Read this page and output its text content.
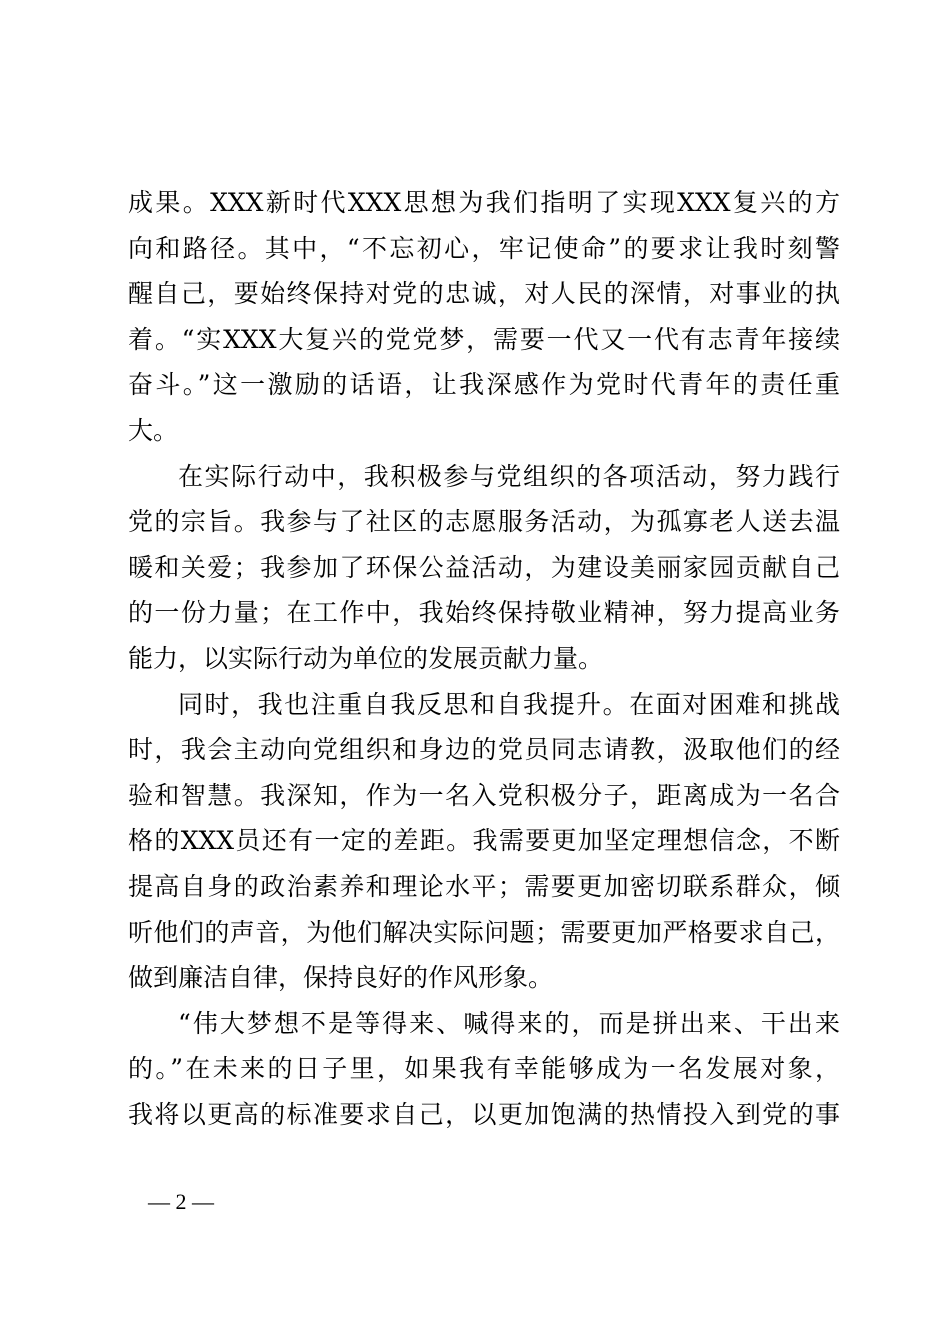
成果。XXX新时代XXX思想为我们指明了实现XXX复兴的方
向和路径。其中，“不忘初心，牢记使命”的要求让我时刻警
醒自己，要始终保持对党的忠诚，对人民的深情，对事业的执
着。“实XXX大复兴的党党梦，需要一代又一代有志青年接续
奋斗。”这一激励的话语，让我深感作为党时代青年的责任重
大。
在实际行动中，我积极参与党组织的各项活动，努力践行
党的宗旨。我参与了社区的志愿服务活动，为孤寡老人送去温
暖和关爱；我参加了环保公益活动，为建设美丽家园贡献自己
的一份力量；在工作中，我始终保持敬业精神，努力提高业务
能力，以实际行动为单位的发展贡献力量。
同时，我也注重自我反思和自我提升。在面对困难和挑战
时，我会主动向党组织和身边的党员同志请教，汲取他们的经
验和智慧。我深知，作为一名入党积极分子，距离成为一名合
格的XXX员还有一定的差距。我需要更加坚定理想信念，不断
提高自身的政治素养和理论水平；需要更加密切联系群众，倾
听他们的声音，为他们解决实际问题；需要更加严格要求自己，
做到廉洁自律，保持良好的作风形象。
“伟大梦想不是等得来、喊得来的，而是拼出来、干出来
的。”在未来的日子里，如果我有幸能够成为一名发展对象，
我将以更高的标准要求自己，以更加饱满的热情投入到党的事
— 2 —
